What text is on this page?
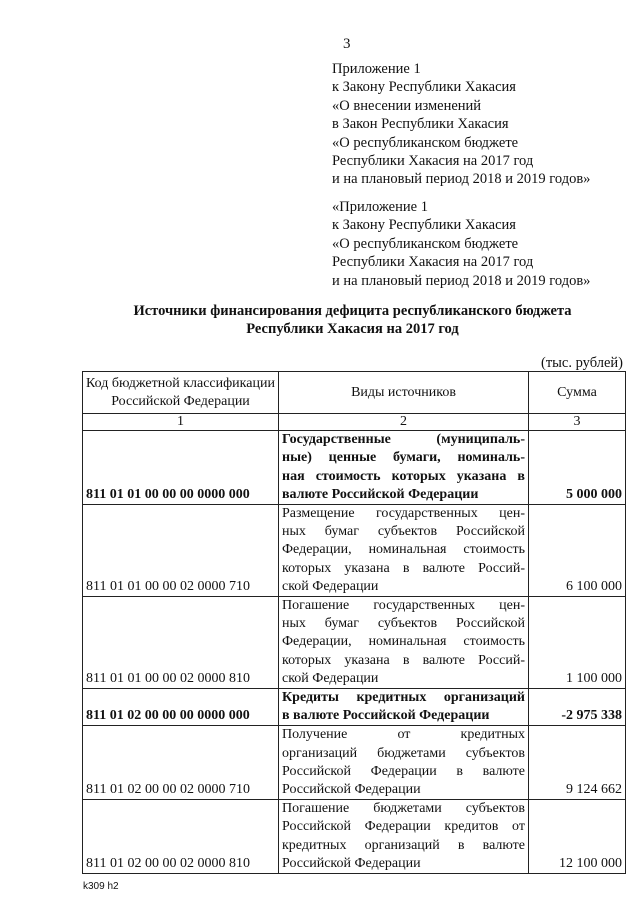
3
Приложение 1
к Закону Республики Хакасия
«О внесении изменений
в Закон Республики Хакасия
«О республиканском бюджете
Республики Хакасия на 2017 год
и на плановый период 2018 и 2019 годов»
«Приложение 1
к Закону Республики Хакасия
«О республиканском бюджете
Республики Хакасия на 2017 год
и на плановый период 2018 и 2019 годов»
Источники финансирования дефицита республиканского бюджета
Республики Хакасия на 2017 год
(тыс. рублей)
Код бюджетной классификации Российской Федерации	Виды источников	Сумма
1	2	3
811 01 01 00 00 00 0000 000	Государственные (муниципаль-
ные) ценные бумаги, номиналь-
ная стоимость которых указана в
валюте Российской Федерации	5 000 000
811 01 01 00 00 02 0000 710	Размещение государственных цен-
ных бумаг субъектов Российской
Федерации, номинальная стоимость
которых указана в валюте Россий-
ской Федерации	6 100 000
811 01 01 00 00 02 0000 810	Погашение государственных цен-
ных бумаг субъектов Российской
Федерации, номинальная стоимость
которых указана в валюте Россий-
ской Федерации	1 100 000
811 01 02 00 00 00 0000 000	Кредиты кредитных организаций
в валюте Российской Федерации	-2 975 338
811 01 02 00 00 02 0000 710	Получение от кредитных
организаций бюджетами субъектов
Российской Федерации в валюте
Российской Федерации	9 124 662
811 01 02 00 00 02 0000 810	Погашение бюджетами субъектов
Российской Федерации кредитов от
кредитных организаций в валюте
Российской Федерации	12 100 000
k309 h2
